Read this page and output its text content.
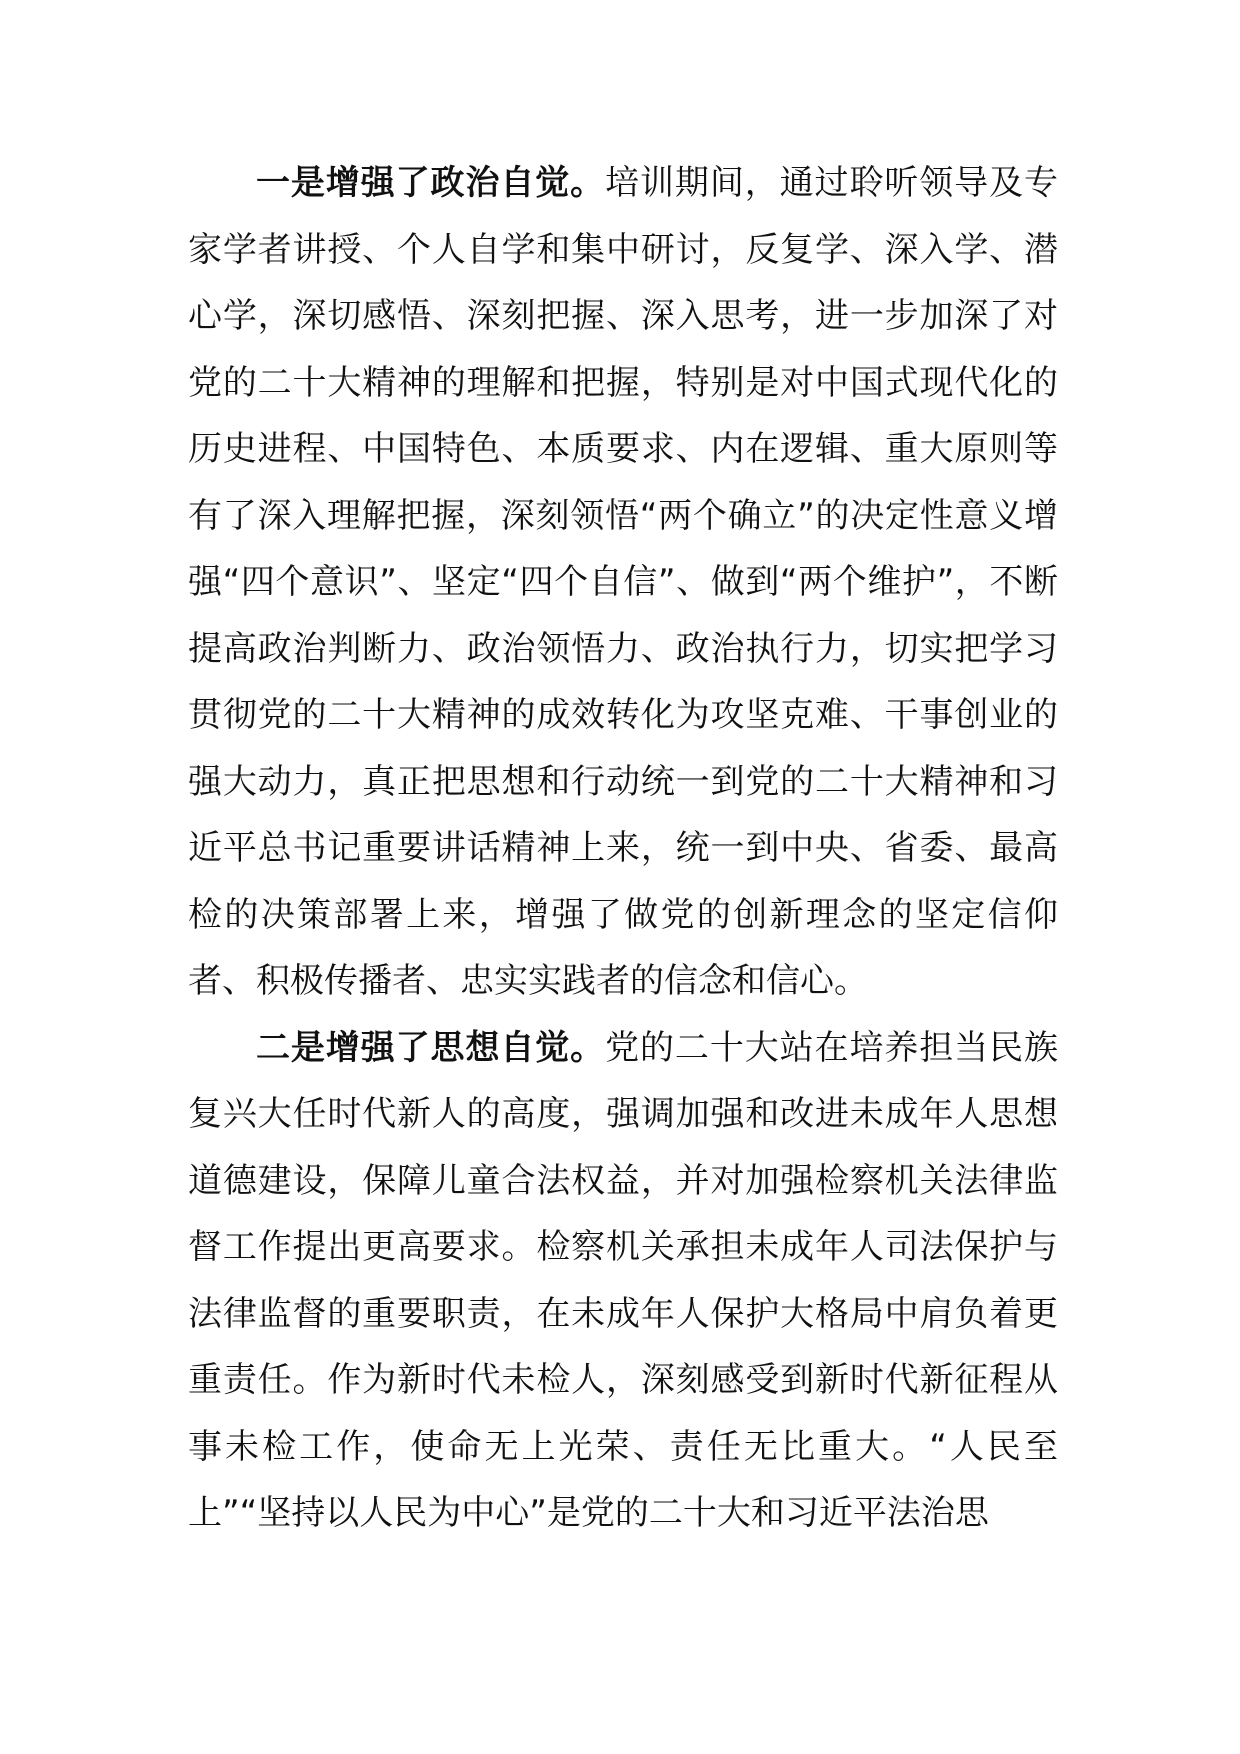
一是增强了政治自觉。培训期间，通过聆听领导及专家学者讲授、个人自学和集中研讨，反复学、深入学、潜心学，深切感悟、深刻把握、深入思考，进一步加深了对党的二十大精神的理解和把握，特别是对中国式现代化的历史进程、中国特色、本质要求、内在逻辑、重大原则等有了深入理解把握，深刻领悟“两个确立”的决定性意义增强“四个意识”、坚定“四个自信”、做到“两个维护”，不断提高政治判断力、政治领悟力、政治执行力，切实把学习贯彻党的二十大精神的成效转化为攻坚克难、干事创业的强大动力，真正把思想和行动统一到党的二十大精神和习近平总书记重要讲话精神上来，统一到中央、省委、最高检的决策部署上来，增强了做党的创新理念的坚定信仰者、积极传播者、忠实实践者的信念和信心。

二是增强了思想自觉。党的二十大站在培养担当民族复兴大任时代新人的高度，强调加强和改进未成年人思想道德建设，保障儿童合法权益，并对加强检察机关法律监督工作提出更高要求。检察机关承担未成年人司法保护与法律监督的重要职责，在未成年人保护大格局中肩负着更重责任。作为新时代未检人，深刻感受到新时代新征程从事未检工作，使命无上光荣、责任无比重大。“人民至上”“坚持以人民为中心”是党的二十大和习近平法治思
